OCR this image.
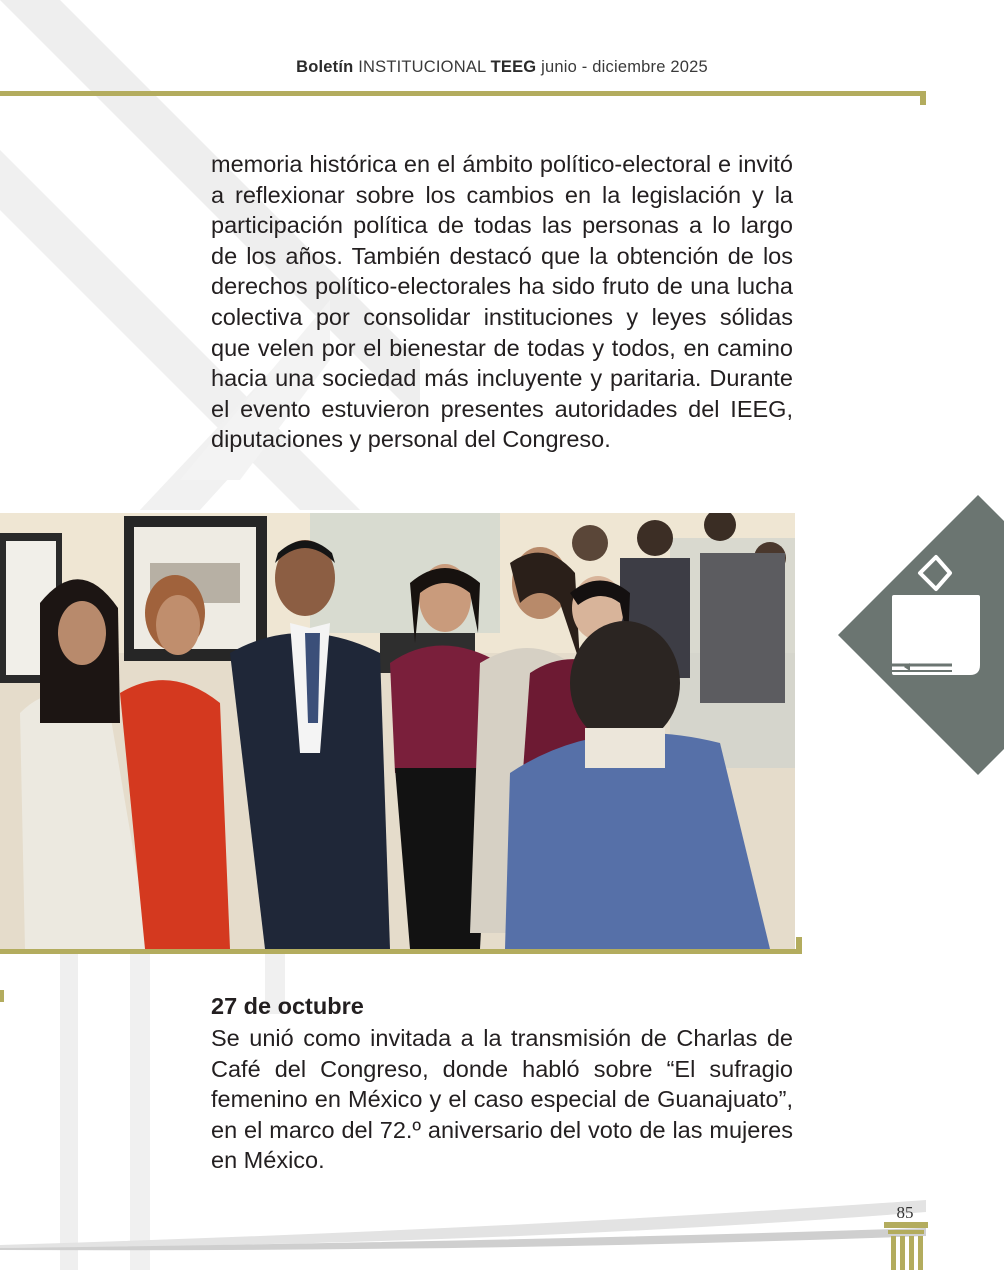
Boletín INSTITUCIONAL TEEG junio - diciembre 2025
memoria histórica en el ámbito político-electoral e invitó a reflexionar sobre los cambios en la legislación y la participación política de todas las personas a lo largo de los años. También destacó que la obtención de los derechos político-electorales ha sido fruto de una lucha colectiva por consolidar instituciones y leyes sólidas que velen por el bienestar de todas y todos, en camino hacia una sociedad más incluyente y paritaria. Durante el evento estuvieron presentes autoridades del IEEG, diputaciones y personal del Congreso.
27 de octubre
Se unió como invitada a la transmisión de Charlas de Café del Congreso, donde habló sobre “El sufragio femenino en México y el caso especial de Guanajuato”, en el marco del 72.º aniversario del voto de las mujeres en México.
85
